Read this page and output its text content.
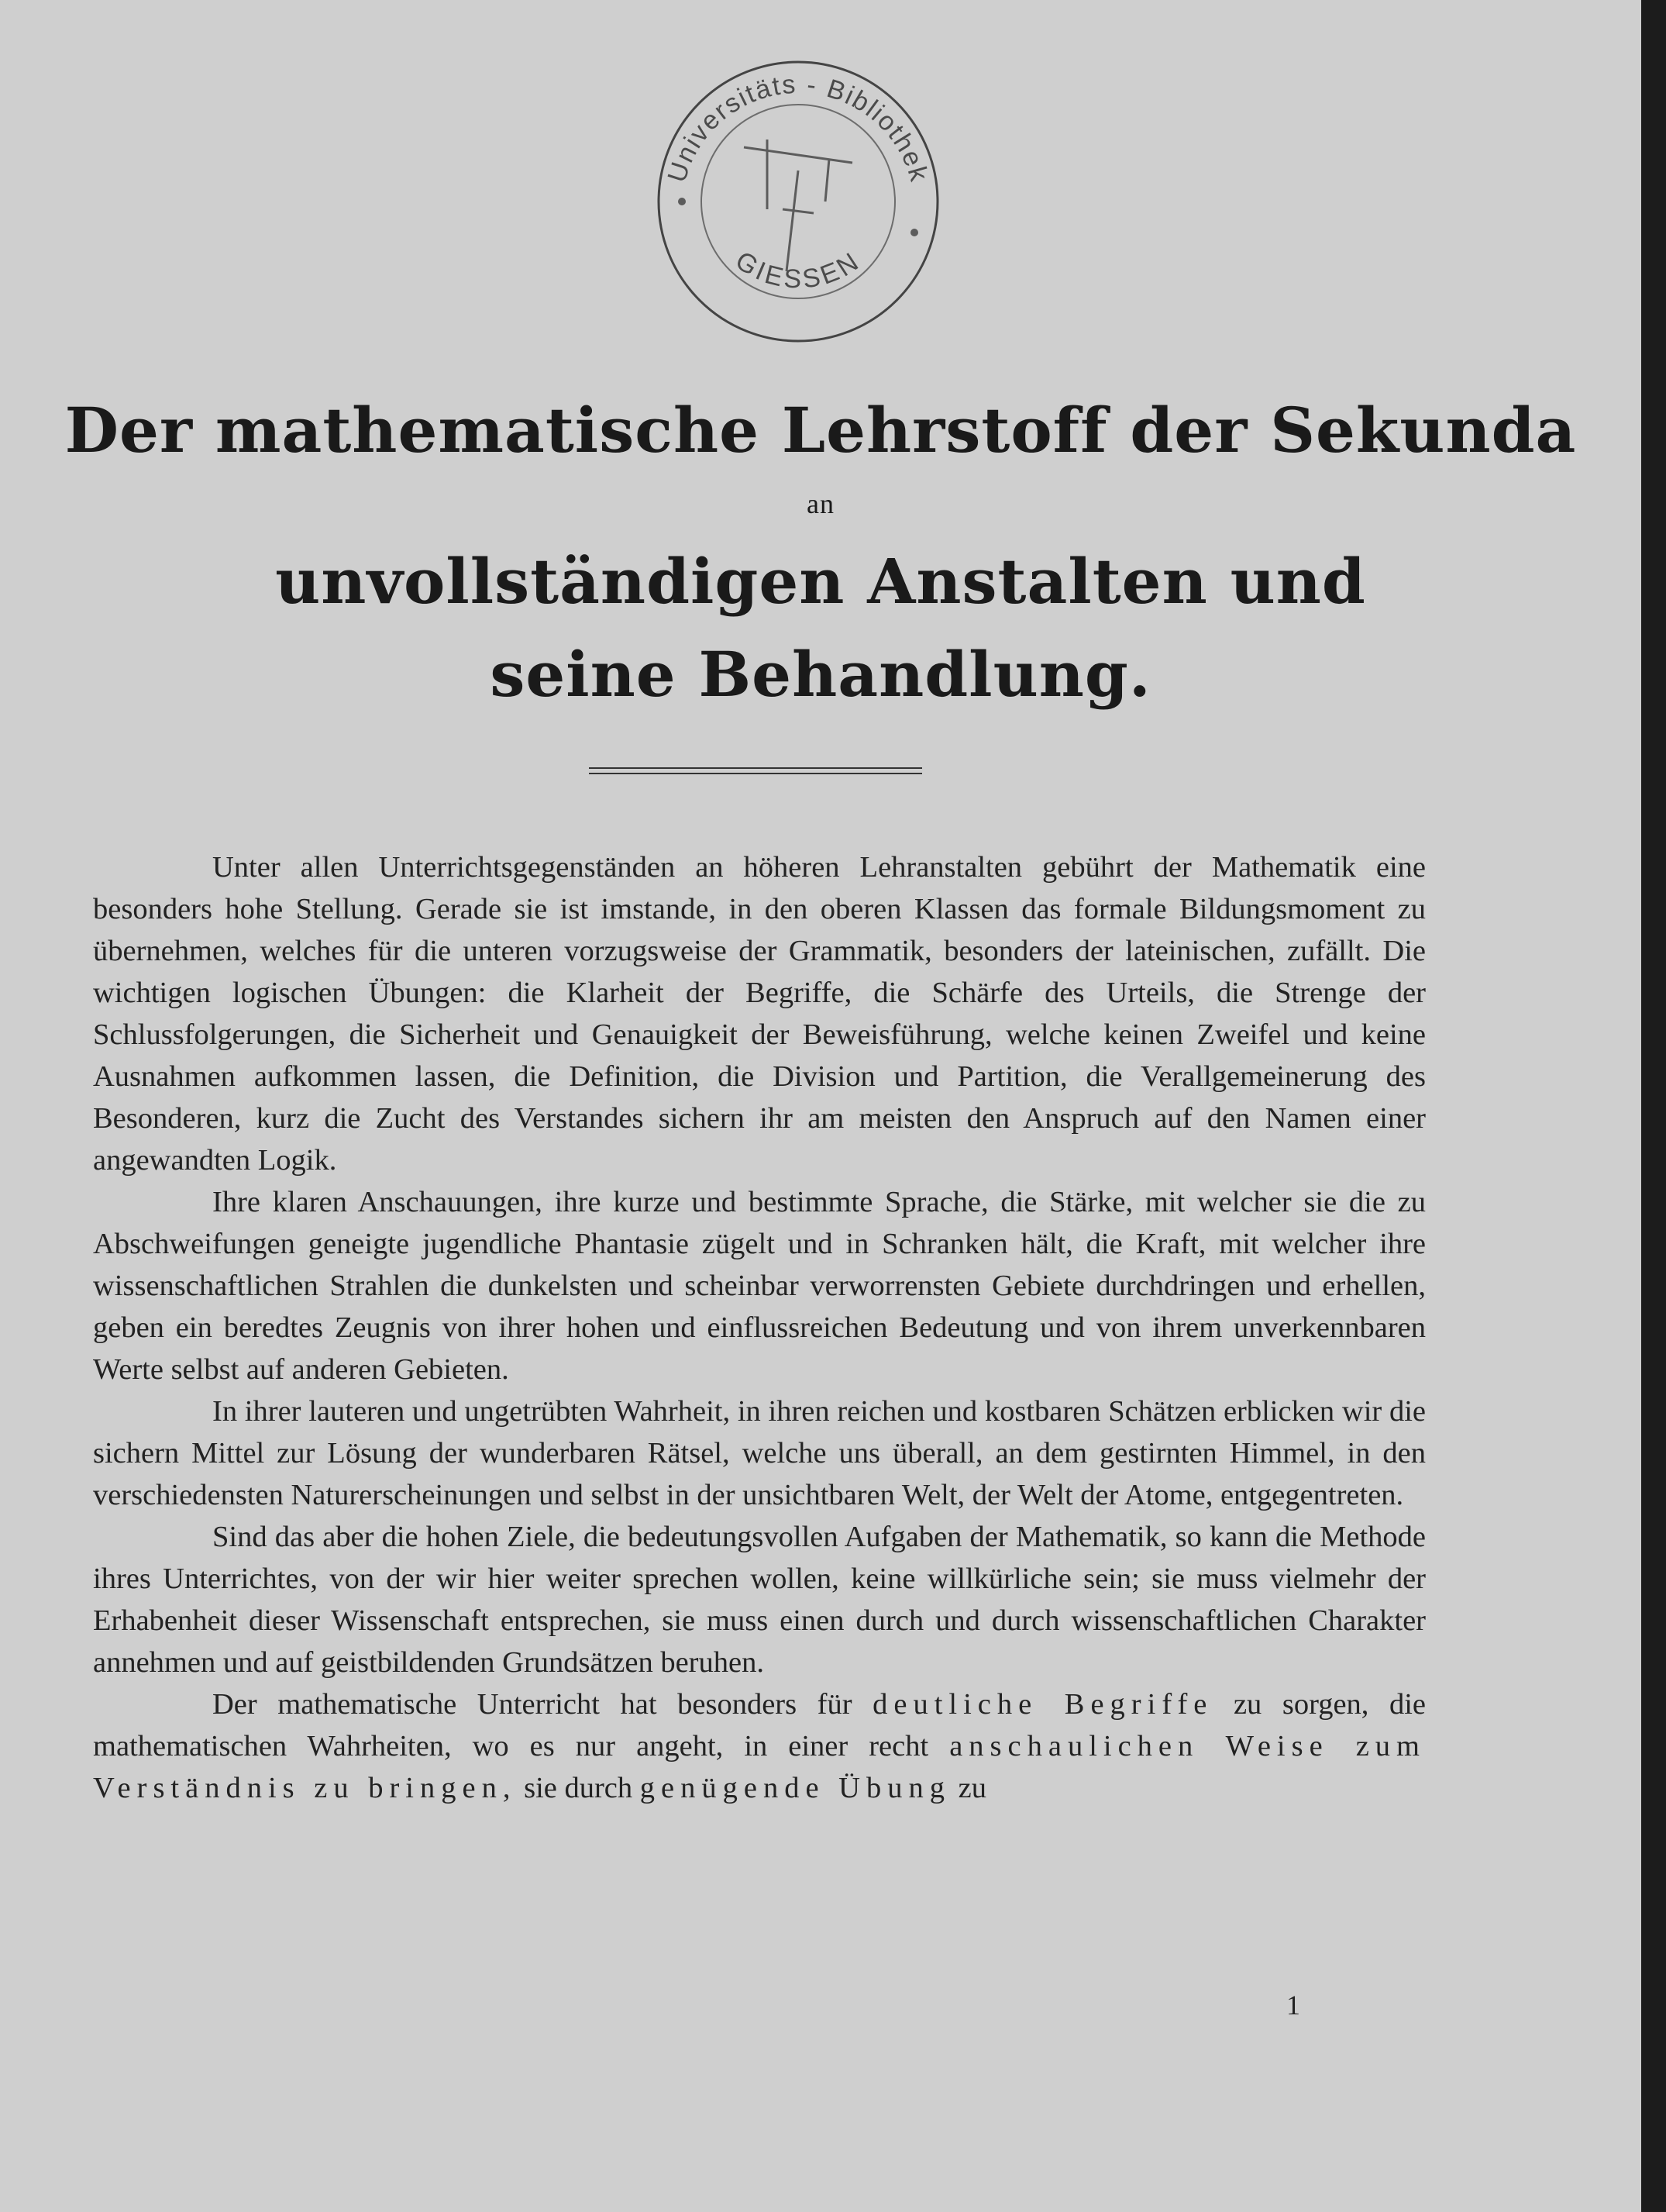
Universitäts - Bibliothek
GIESSEN
Der mathematische Lehrstoff der Sekunda
an
unvollständigen Anstalten und
seine Behandlung.

Unter allen Unterrichtsgegenständen an höheren Lehranstalten gebührt der Mathematik eine besonders hohe Stellung. Gerade sie ist imstande, in den oberen Klassen das formale Bildungsmoment zu übernehmen, welches für die unteren vorzugsweise der Grammatik, besonders der lateinischen, zufällt. Die wichtigen logischen Übungen: die Klarheit der Begriffe, die Schärfe des Urteils, die Strenge der Schlussfolgerungen, die Sicherheit und Genauigkeit der Beweisführung, welche keinen Zweifel und keine Ausnahmen aufkommen lassen, die Definition, die Division und Partition, die Verallgemeinerung des Besonderen, kurz die Zucht des Verstandes sichern ihr am meisten den Anspruch auf den Namen einer angewandten Logik.

Ihre klaren Anschauungen, ihre kurze und bestimmte Sprache, die Stärke, mit welcher sie die zu Abschweifungen geneigte jugendliche Phantasie zügelt und in Schranken hält, die Kraft, mit welcher ihre wissenschaftlichen Strahlen die dunkelsten und scheinbar verworrensten Gebiete durchdringen und erhellen, geben ein beredtes Zeugnis von ihrer hohen und einflussreichen Bedeutung und von ihrem unverkennbaren Werte selbst auf anderen Gebieten.

In ihrer lauteren und ungetrübten Wahrheit, in ihren reichen und kostbaren Schätzen erblicken wir die sichern Mittel zur Lösung der wunderbaren Rätsel, welche uns überall, an dem gestirnten Himmel, in den verschiedensten Naturerscheinungen und selbst in der unsichtbaren Welt, der Welt der Atome, entgegentreten.

Sind das aber die hohen Ziele, die bedeutungsvollen Aufgaben der Mathematik, so kann die Methode ihres Unterrichtes, von der wir hier weiter sprechen wollen, keine willkürliche sein; sie muss vielmehr der Erhabenheit dieser Wissenschaft entsprechen, sie muss einen durch und durch wissenschaftlichen Charakter annehmen und auf geistbildenden Grundsätzen beruhen.

Der mathematische Unterricht hat besonders für deutliche Begriffe zu sorgen, die mathematischen Wahrheiten, wo es nur angeht, in einer recht anschaulichen Weise zum Verständnis zu bringen, sie durch genügende Übung zu

1
